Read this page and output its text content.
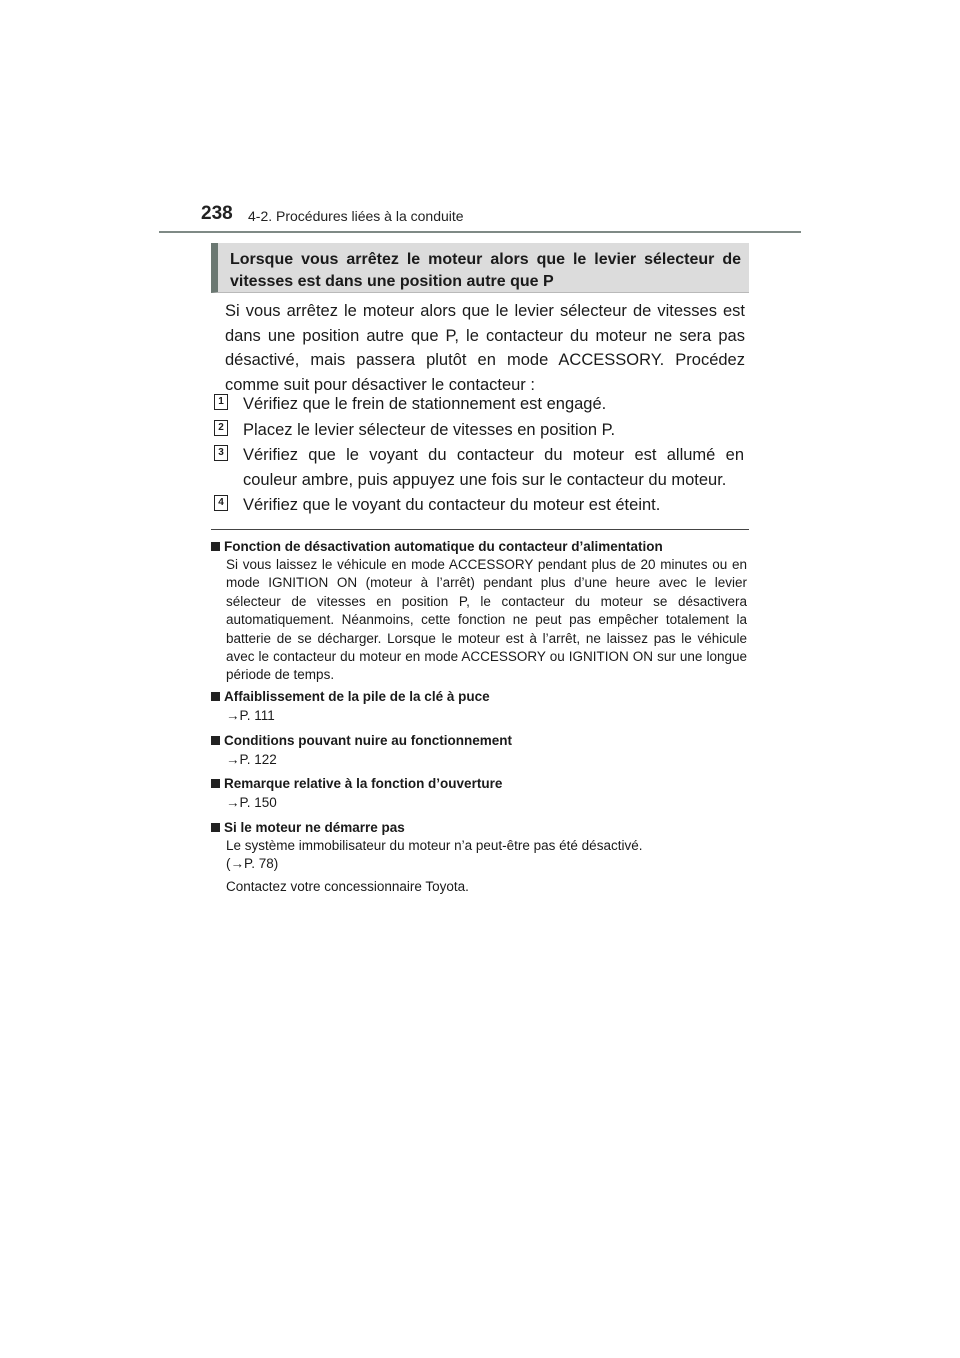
238 4-2. Procédures liées à la conduite
Lorsque vous arrêtez le moteur alors que le levier sélecteur de vitesses est dans une position autre que P
Si vous arrêtez le moteur alors que le levier sélecteur de vitesses est dans une position autre que P, le contacteur du moteur ne sera pas désactivé, mais passera plutôt en mode ACCESSORY. Procédez comme suit pour désactiver le contacteur :
1 Vérifiez que le frein de stationnement est engagé.
2 Placez le levier sélecteur de vitesses en position P.
3 Vérifiez que le voyant du contacteur du moteur est allumé en couleur ambre, puis appuyez une fois sur le contacteur du moteur.
4 Vérifiez que le voyant du contacteur du moteur est éteint.
Fonction de désactivation automatique du contacteur d’alimentation
Si vous laissez le véhicule en mode ACCESSORY pendant plus de 20 minutes ou en mode IGNITION ON (moteur à l’arrêt) pendant plus d’une heure avec le levier sélecteur de vitesses en position P, le contacteur du moteur se désactivera automatiquement. Néanmoins, cette fonction ne peut pas empêcher totalement la batterie de se décharger. Lorsque le moteur est à l’arrêt, ne laissez pas le véhicule avec le contacteur du moteur en mode ACCESSORY ou IGNITION ON sur une longue période de temps.
Affaiblissement de la pile de la clé à puce
→P. 111
Conditions pouvant nuire au fonctionnement
→P. 122
Remarque relative à la fonction d’ouverture
→P. 150
Si le moteur ne démarre pas
Le système immobilisateur du moteur n’a peut-être pas été désactivé.
(→P. 78)
Contactez votre concessionnaire Toyota.
